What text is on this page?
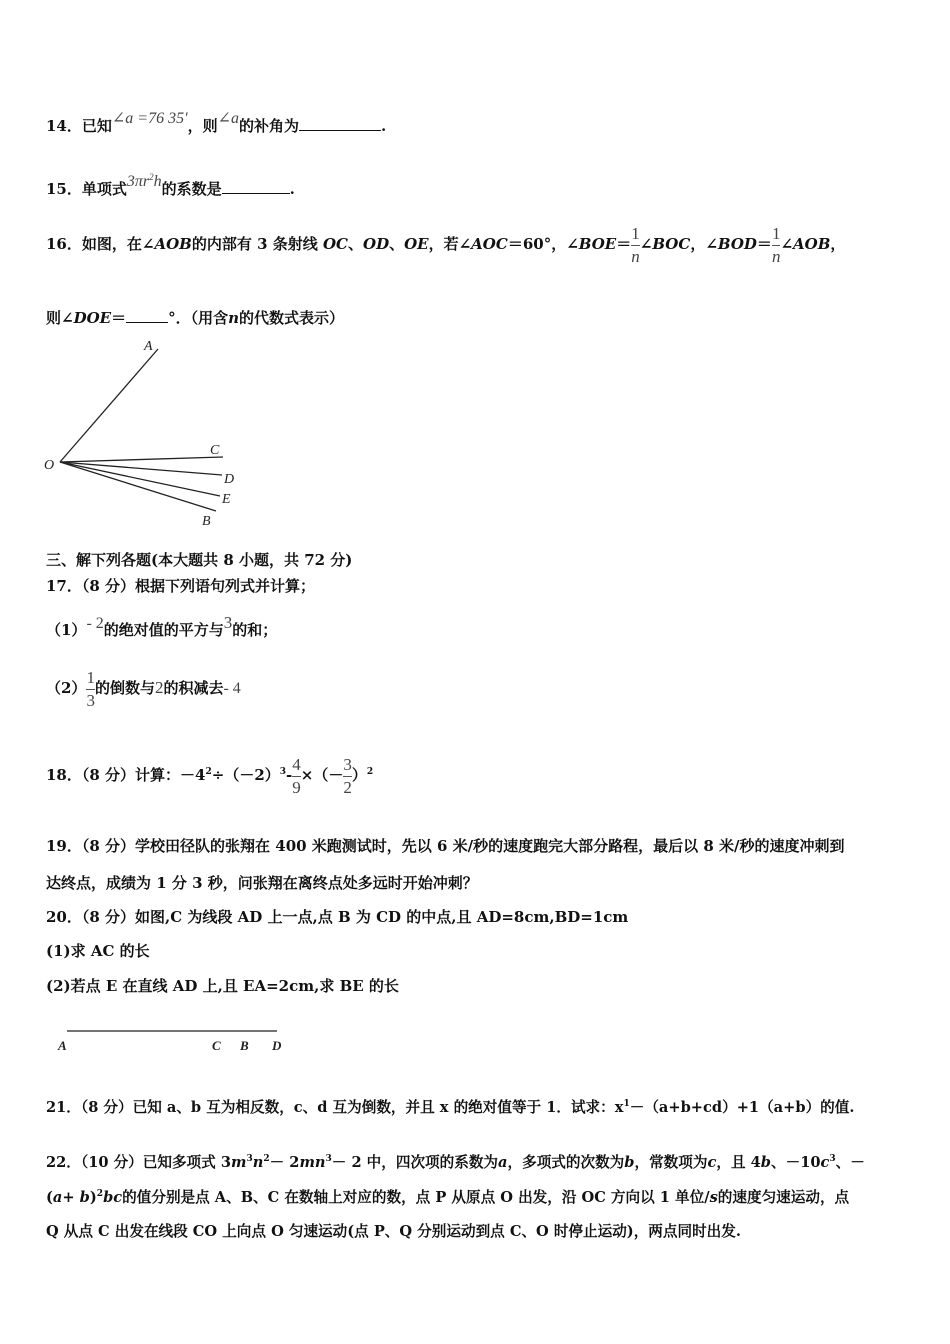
14．已知∠a =76 35′，则∠a的补角为	.
15．单项式$3\pi r^2h$的系数是	.
16．如图，在∠AOB的内部有 3 条射线 OC、OD、OE，若∠AOC＝60°，∠BOE＝ $\frac{1}{n}$ ∠BOC，∠BOD＝ $\frac{1}{n}$ ∠AOB，
则∠DOE＝	°．（用含n的代数式表示）
A
C
D
E
B
O
三、解下列各题(本大题共 8 小题，共 72 分)
17．（8 分）根据下列语句列式并计算；
（1）- 2的绝对值的平方与3的和；
$(2) \frac{1}{3}$ 的倒数与2的积减去- 4
18．（8 分）计算：$-4^2\div(-2)^3- \frac{4}{9}$ ×（－ $\frac{3}{2} )^2$
19．（8 分）学校田径队的张翔在 400 米跑测试时，先以 6 米/秒的速度跑完大部分路程，最后以 8 米/秒的速度冲刺到
达终点，成绩为 1 分 3 秒，问张翔在离终点处多远时开始冲刺？
20．（8 分）如图,C 为线段 AD 上一点,点 B 为 CD 的中点,且 AD=8cm,BD=1cm
(1)求 AC 的长
(2)若点 E 在直线 AD 上,且 EA=2cm,求 BE 的长
A	C B D
21．（8 分）已知 a、b 互为相反数，c、d 互为倒数，并且 x 的绝对值等于 1．试求：$x^1-(a+b+cd)+1(a+b)$的值.
22．（10 分）已知多项式 $3m^3n^2- 2mn^3- 2$ 中，四次项的系数为a，多项式的次数为b，常数项为c，且 4b、$-10c^3$、－
$(a+ b)^2bc$的值分别是点 A、B、C 在数轴上对应的数，点 P 从原点 O 出发，沿 OC 方向以 1 单位/s的速度匀速运动，点
Q 从点 C 出发在线段 CO 上向点 O 匀速运动(点 P、Q 分别运动到点 C、O 时停止运动)，两点同时出发.
